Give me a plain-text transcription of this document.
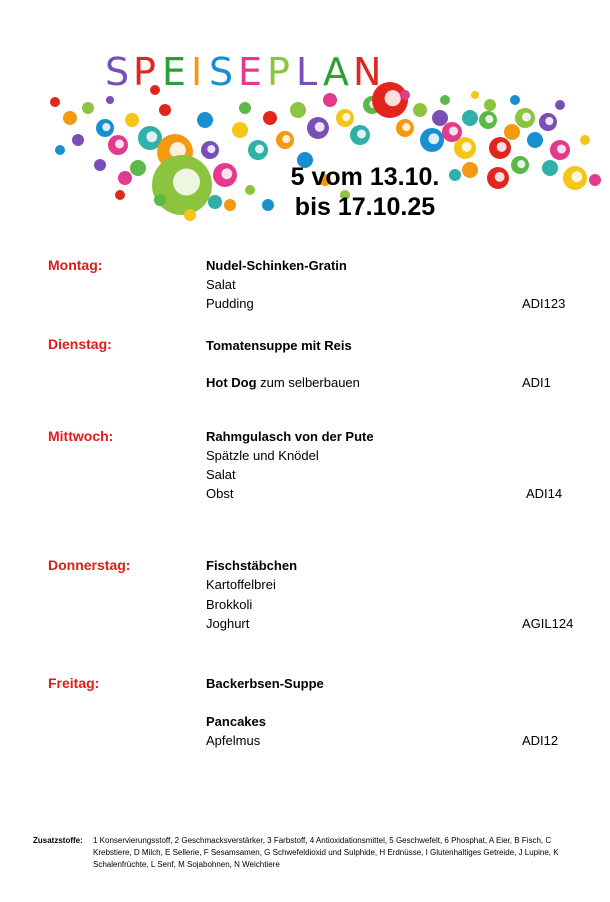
S P E I S E P L A N
5 vom 13.10.
bis 17.10.25
Montag:	Nudel-Schinken-Gratin
Salat
Pudding	ADI123
Dienstag:	Tomatensuppe mit Reis
Hot Dog zum selberbauen	ADI1
Mittwoch:	Rahmgulasch von der Pute
Spätzle und Knödel
Salat
Obst	ADI14
Donnerstag:	Fischstäbchen
Kartoffelbrei
Brokkoli
Joghurt	AGIL124
Freitag:	Backerbsen-Suppe
Pancakes
Apfelmus	ADI12
Zusatzstoffe: 1 Konservierungsstoff, 2 Geschmacksverstärker, 3 Farbstoff, 4 Antioxidationsmittel, 5 Geschwefelt, 6 Phosphat, A Eier, B Fisch, C Krebstiere, D Milch, E Sellerie, F Sesamsamen, G Schwefeldioxid und Sulphide, H Erdnüsse, I Glutenhaltiges Getreide, J Lupine, K Schalenfrüchte, L Senf, M Sojabohnen, N Weichtiere
